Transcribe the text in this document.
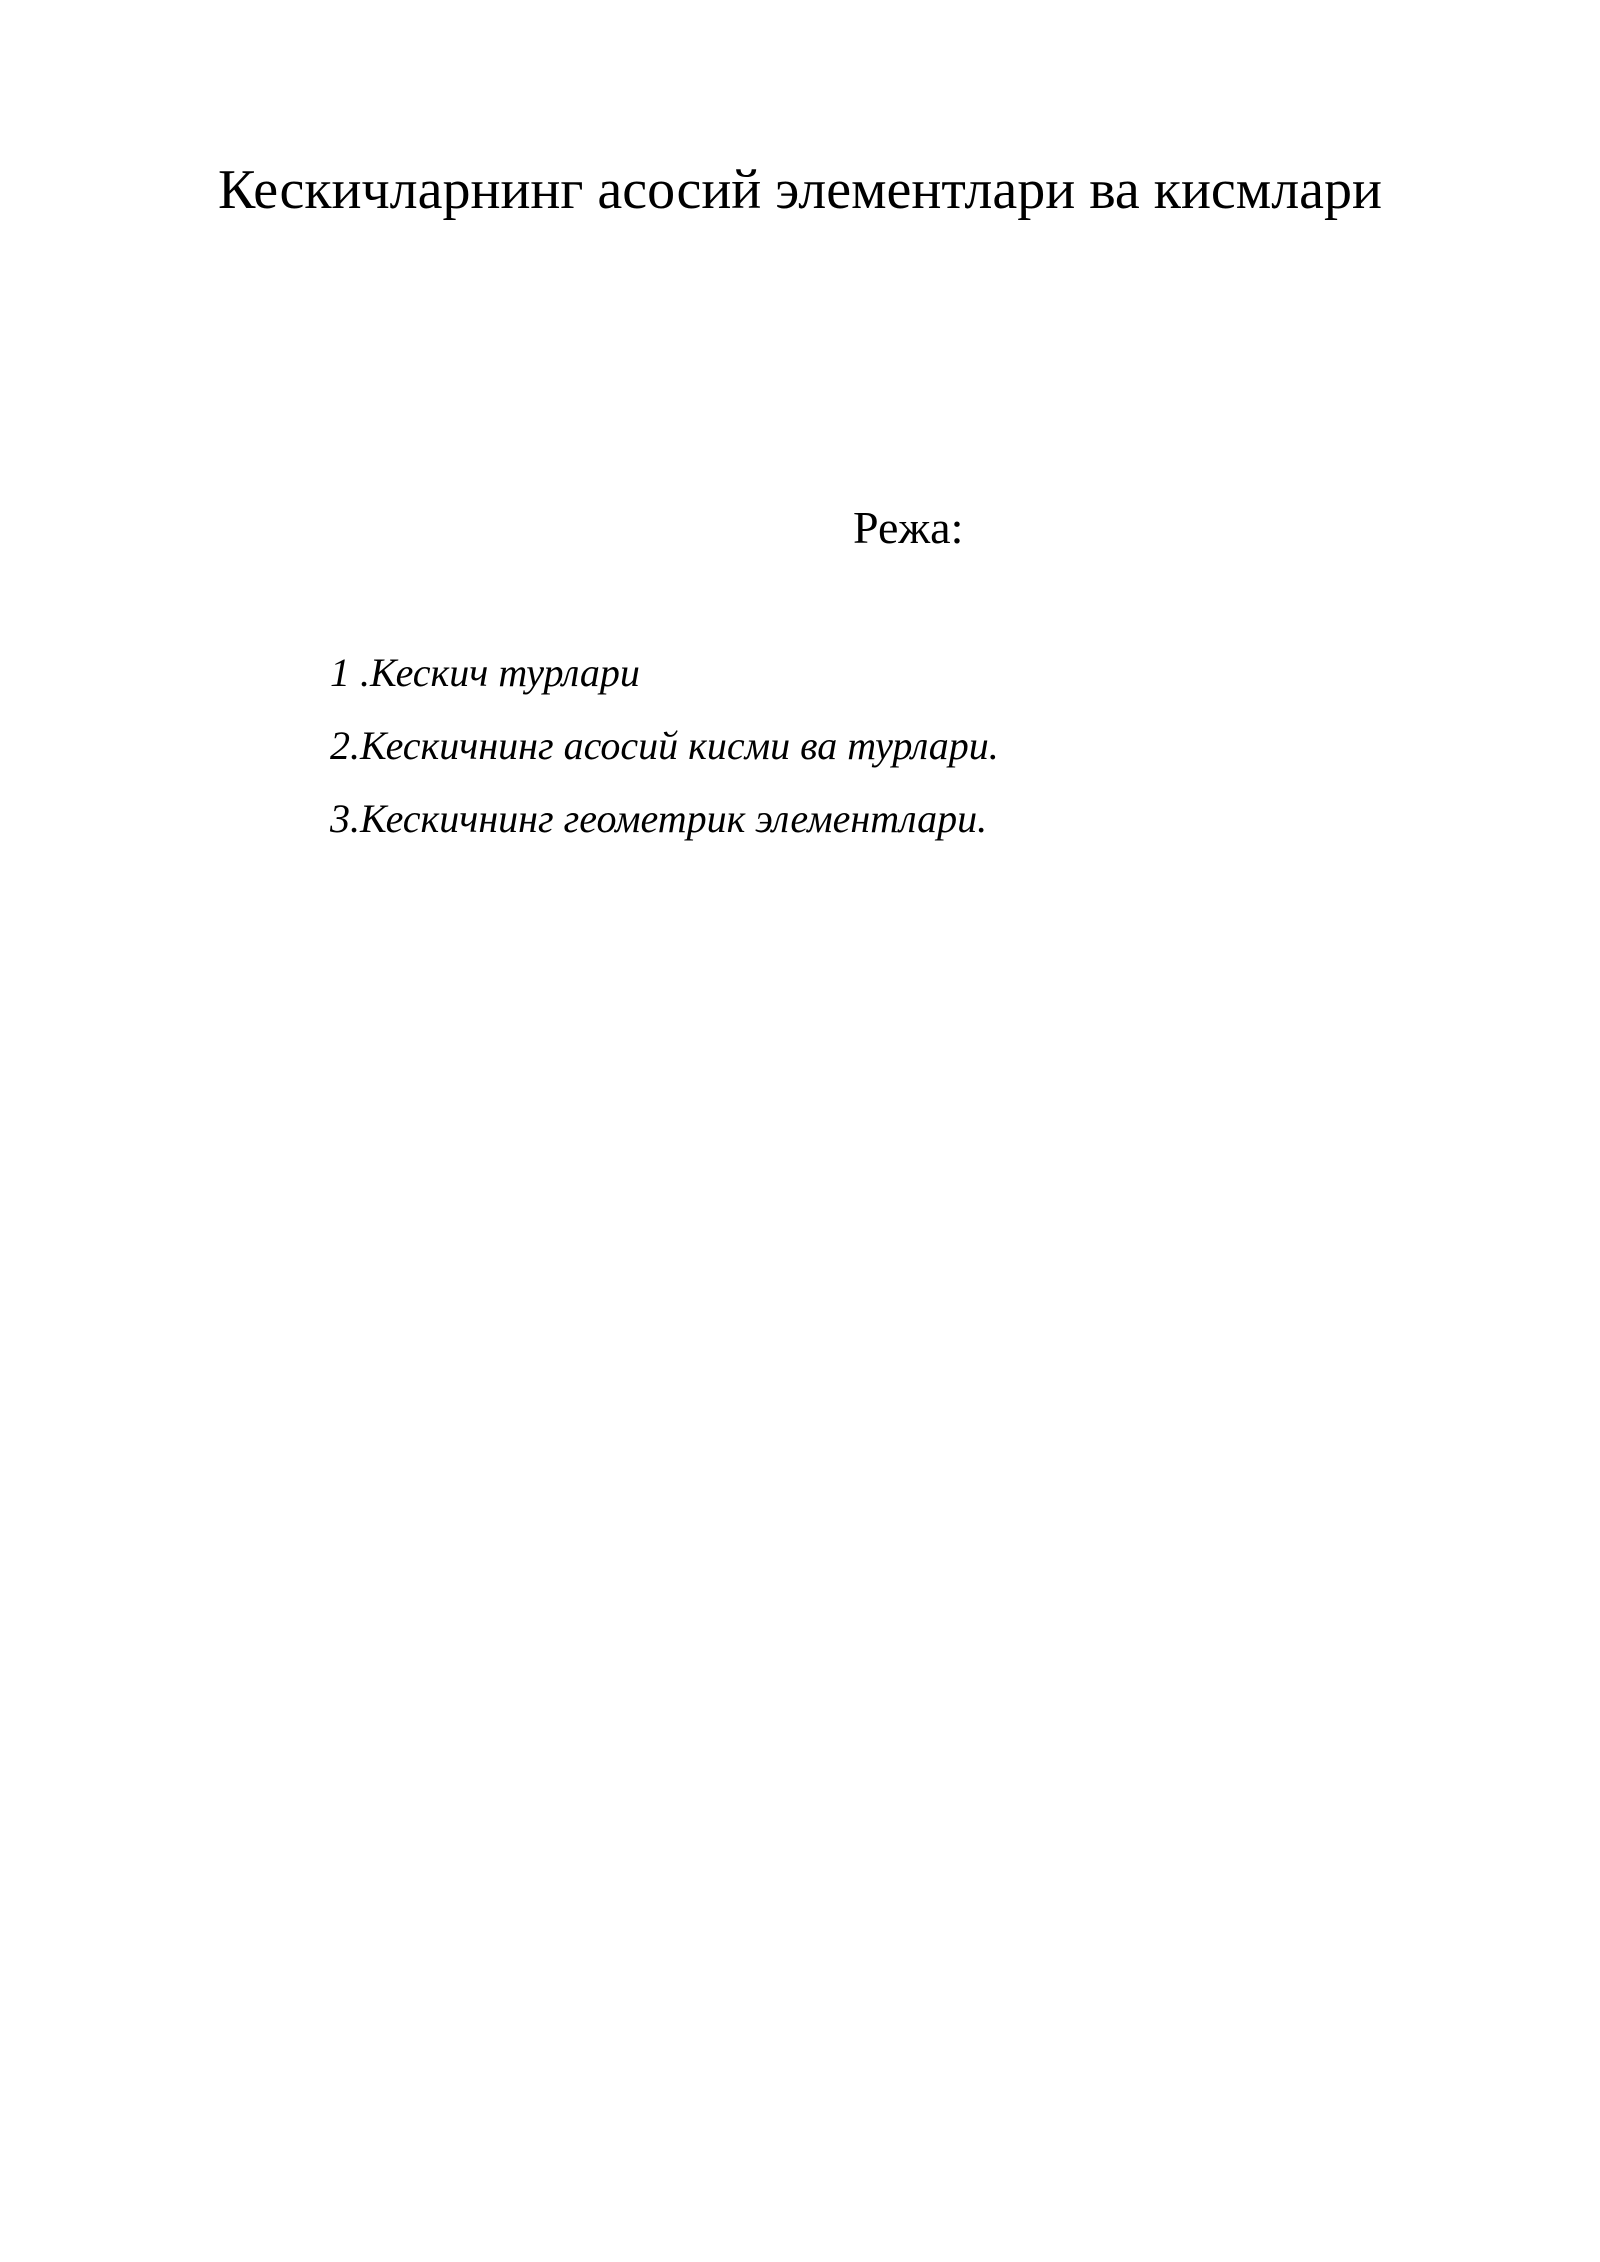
Кескичларнинг асосий элементлари ва кисмлари
Режа:
1 .Кескич турлари
2.Кескичнинг асосий кисми ва турлари.
3.Кескичнинг геометрик элементлари.
